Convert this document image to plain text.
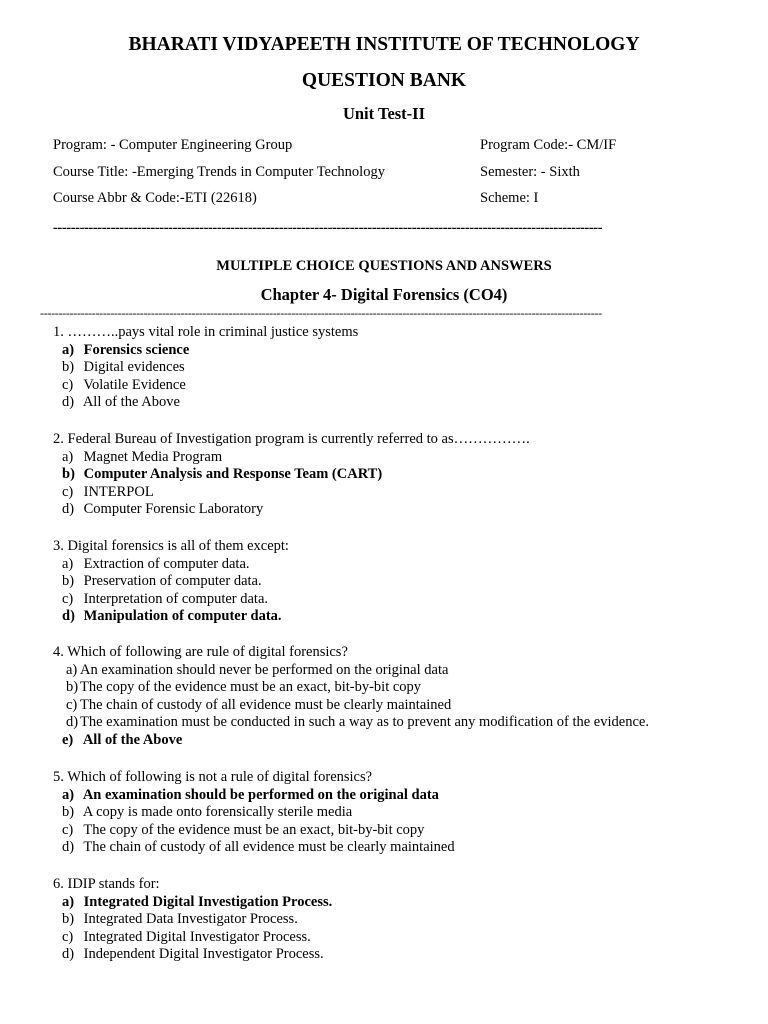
BHARATI VIDYAPEETH INSTITUTE OF TECHNOLOGY
QUESTION BANK
Unit Test-II
Program: - Computer Engineering Group	Program Code:- CM/IF
Course Title: -Emerging Trends in Computer Technology	Semester: - Sixth
Course Abbr & Code:-ETI (22618)	Scheme: I
----------------------------------------------------------------------------------------------------------------------------
MULTIPLE CHOICE QUESTIONS AND ANSWERS
Chapter 4- Digital Forensics (CO4)
--------------------------------------------------------------------------------------------------------------------------------------------------------
1. ………..pays vital role in criminal justice systems
a) Forensics science
b) Digital evidences
c) Volatile Evidence
d) All of the Above
2. Federal Bureau of Investigation program is currently referred to as…………….
a) Magnet Media Program
b) Computer Analysis and Response Team (CART)
c) INTERPOL
d) Computer Forensic Laboratory
3. Digital forensics is all of them except:
a) Extraction of computer data.
b) Preservation of computer data.
c) Interpretation of computer data.
d) Manipulation of computer data.
4. Which of following are rule of digital forensics?
a) An examination should never be performed on the original data
b) The copy of the evidence must be an exact, bit-by-bit copy
c) The chain of custody of all evidence must be clearly maintained
d) The examination must be conducted in such a way as to prevent any modification of the evidence.
e) All of the Above
5. Which of following is not a rule of digital forensics?
a) An examination should be performed on the original data
b) A copy is made onto forensically sterile media
c) The copy of the evidence must be an exact, bit-by-bit copy
d) The chain of custody of all evidence must be clearly maintained
6. IDIP stands for:
a) Integrated Digital Investigation Process.
b) Integrated Data Investigator Process.
c) Integrated Digital Investigator Process.
d) Independent Digital Investigator Process.
